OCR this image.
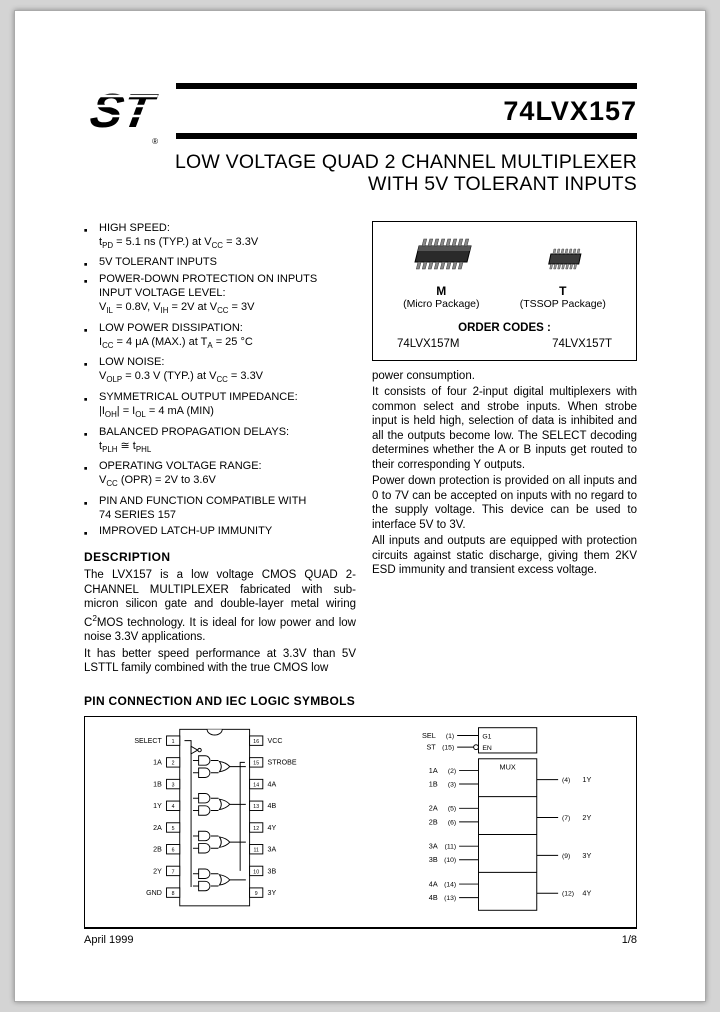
ST
®
74LVX157
LOW VOLTAGE QUAD 2 CHANNEL MULTIPLEXER
WITH 5V TOLERANT INPUTS
■ HIGH SPEED:
$t_{PD} = 5.1$ ns (TYP.) at $V_{CC} = 3.3V$
■ 5V TOLERANT INPUTS
■ POWER-DOWN PROTECTION ON INPUTS
INPUT VOLTAGE LEVEL:
$V_{IL} = 0.8V$, $V_{IH} = 2V$ at $V_{CC} = 3V$
■ LOW POWER DISSIPATION:
$I_{CC} = 4$ μA (MAX.) at $T_A = 25$ °C
■ LOW NOISE:
$V_{OLP} = 0.3$ V (TYP.) at $V_{CC} = 3.3V$
■ SYMMETRICAL OUTPUT IMPEDANCE:
$|I_{OH}| = I_{OL} = 4$ mA (MIN)
■ BALANCED PROPAGATION DELAYS:
$t_{PLH}$ ≅ $t_{PHL}$
■ OPERATING VOLTAGE RANGE:
$V_{CC}$ (OPR) = 2V to 3.6V
■ PIN AND FUNCTION COMPATIBLE WITH
74 SERIES 157
■ IMPROVED LATCH-UP IMMUNITY
DESCRIPTION

The LVX157 is a low voltage CMOS QUAD 2-CHANNEL MULTIPLEXER fabricated with sub-micron silicon gate and double-layer metal wiring $C^2MOS$ technology. It is ideal for low power and low noise 3.3V applications.

It has better speed performance at 3.3V than 5V LSTTL family combined with the true CMOS low

M
(Micro Package)
T
(TSSOP Package)
ORDER CODES :
74LVX157M	74LVX157T

power consumption.

It consists of four 2-input digital multiplexers with common select and strobe inputs. When strobe input is held high, selection of data is inhibited and all the outputs become low. The SELECT decoding determines whether the A or B inputs get routed to their corresponding Y outputs.

Power down protection is provided on all inputs and 0 to 7V can be accepted on inputs with no regard to the supply voltage. This device can be used to interface 5V to 3V.

All inputs and outputs are equipped with protection circuits against static discharge, giving them 2KV ESD immunity and transient excess voltage.

PIN CONNECTION AND IEC LOGIC SYMBOLS
1
SELECT
2
1A
3
1B
4
1Y
5
2A
6
2B
7
2Y
8
GND
16 VCC
15 STROBE
14 4A
13 4B
12 4Y
11 3A
10 3B
9 3Y
MUX
SEL (1)	G1
ST (15)	EN
1A (2)
1B (3)
2A (5)
2B (6)
3A (11)
3B (10)
4A (14)
4B (13)
(4) 1Y
(7) 2Y
(9) 3Y
(12) 4Y
April 1999	1/8
